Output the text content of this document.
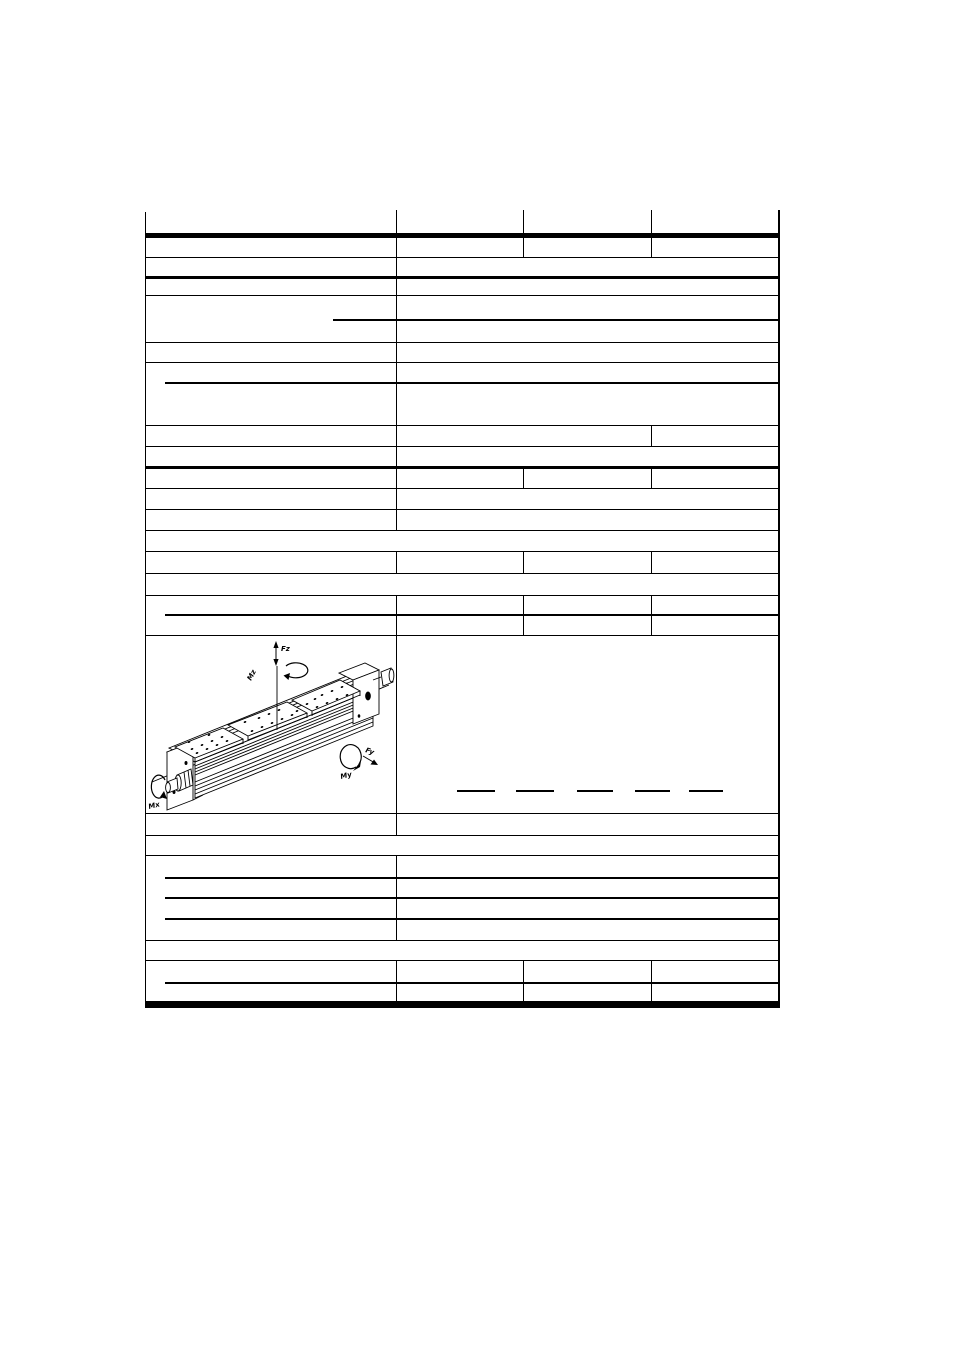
Fz
Mz
My
Fy
Mx
